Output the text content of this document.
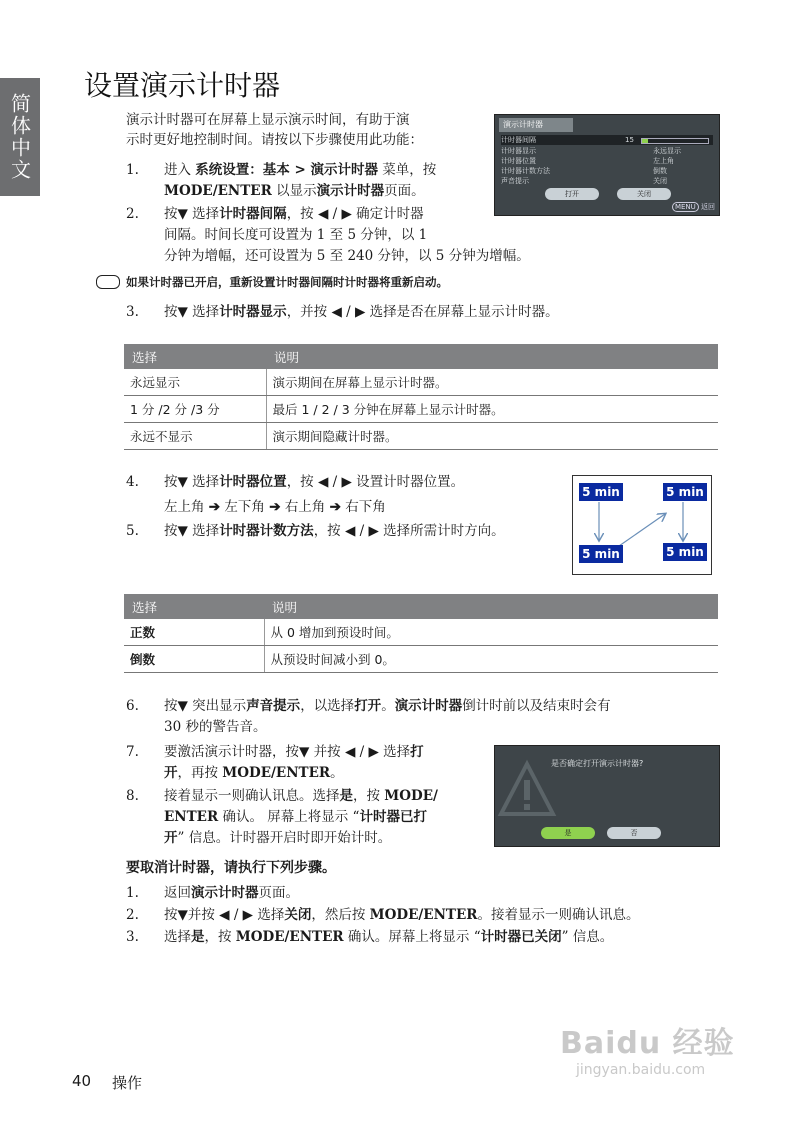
简体中文
设置演示计时器

演示计时器可在屏幕上显示演示时间，有助于演

示时更好地控制时间。请按以下步骤使用此功能：

1. 进入 系统设置：基本 > 演示计时器 菜单，按

MODE/ENTER 以显示演示计时器页面。

2. 按▼ 选择计时器间隔，按 ◀ / ▶ 确定计时器

间隔。时间长度可设置为 1 至 5 分钟，以 1

分钟为增幅，还可设置为 5 至 240 分钟，以 5 分钟为增幅。

演示计时器
计时器间隔	15
计时器显示	永远显示
计时器位置	左上角
计时器计数方法	倒数
声音提示	关闭
打开	关闭
MENU 返回
如果计时器已开启，重新设置计时器间隔时计时器将重新启动。
3. 按▼ 选择计时器显示，并按 ◀ / ▶ 选择是否在屏幕上显示计时器。

选择	说明
永远显示	演示期间在屏幕上显示计时器。
1 分 /2 分 /3 分	最后 1 / 2 / 3 分钟在屏幕上显示计时器。
永远不显示	演示期间隐藏计时器。
4. 按▼ 选择计时器位置，按 ◀ / ▶ 设置计时器位置。

左上角 ➔ 左下角 ➔ 右上角 ➔ 右下角

5. 按▼ 选择计时器计数方法，按 ◀ / ▶ 选择所需计时方向。

5 min	5 min
5 min	5 min
选择	说明
正数	从 0 增加到预设时间。
倒数	从预设时间减小到 0。
6. 按▼ 突出显示声音提示，以选择打开。演示计时器倒计时前以及结束时会有

30 秒的警告音。

7. 要激活演示计时器，按▼ 并按 ◀ / ▶ 选择打

开，再按 MODE/ENTER。

8. 接着显示一则确认讯息。选择是，按 MODE/

ENTER 确认。 屏幕上将显示 “计时器已打

开” 信息。计时器开启时即开始计时。

是否确定打开演示计时器?
是	否

要取消计时器，请执行下列步骤。

1. 返回演示计时器页面。

2. 按▼并按 ◀ / ▶ 选择关闭，然后按 MODE/ENTER。接着显示一则确认讯息。

3. 选择是，按 MODE/ENTER 确认。屏幕上将显示 “计时器已关闭” 信息。

Baidu 经验
jingyan.baidu.com
40 操作
